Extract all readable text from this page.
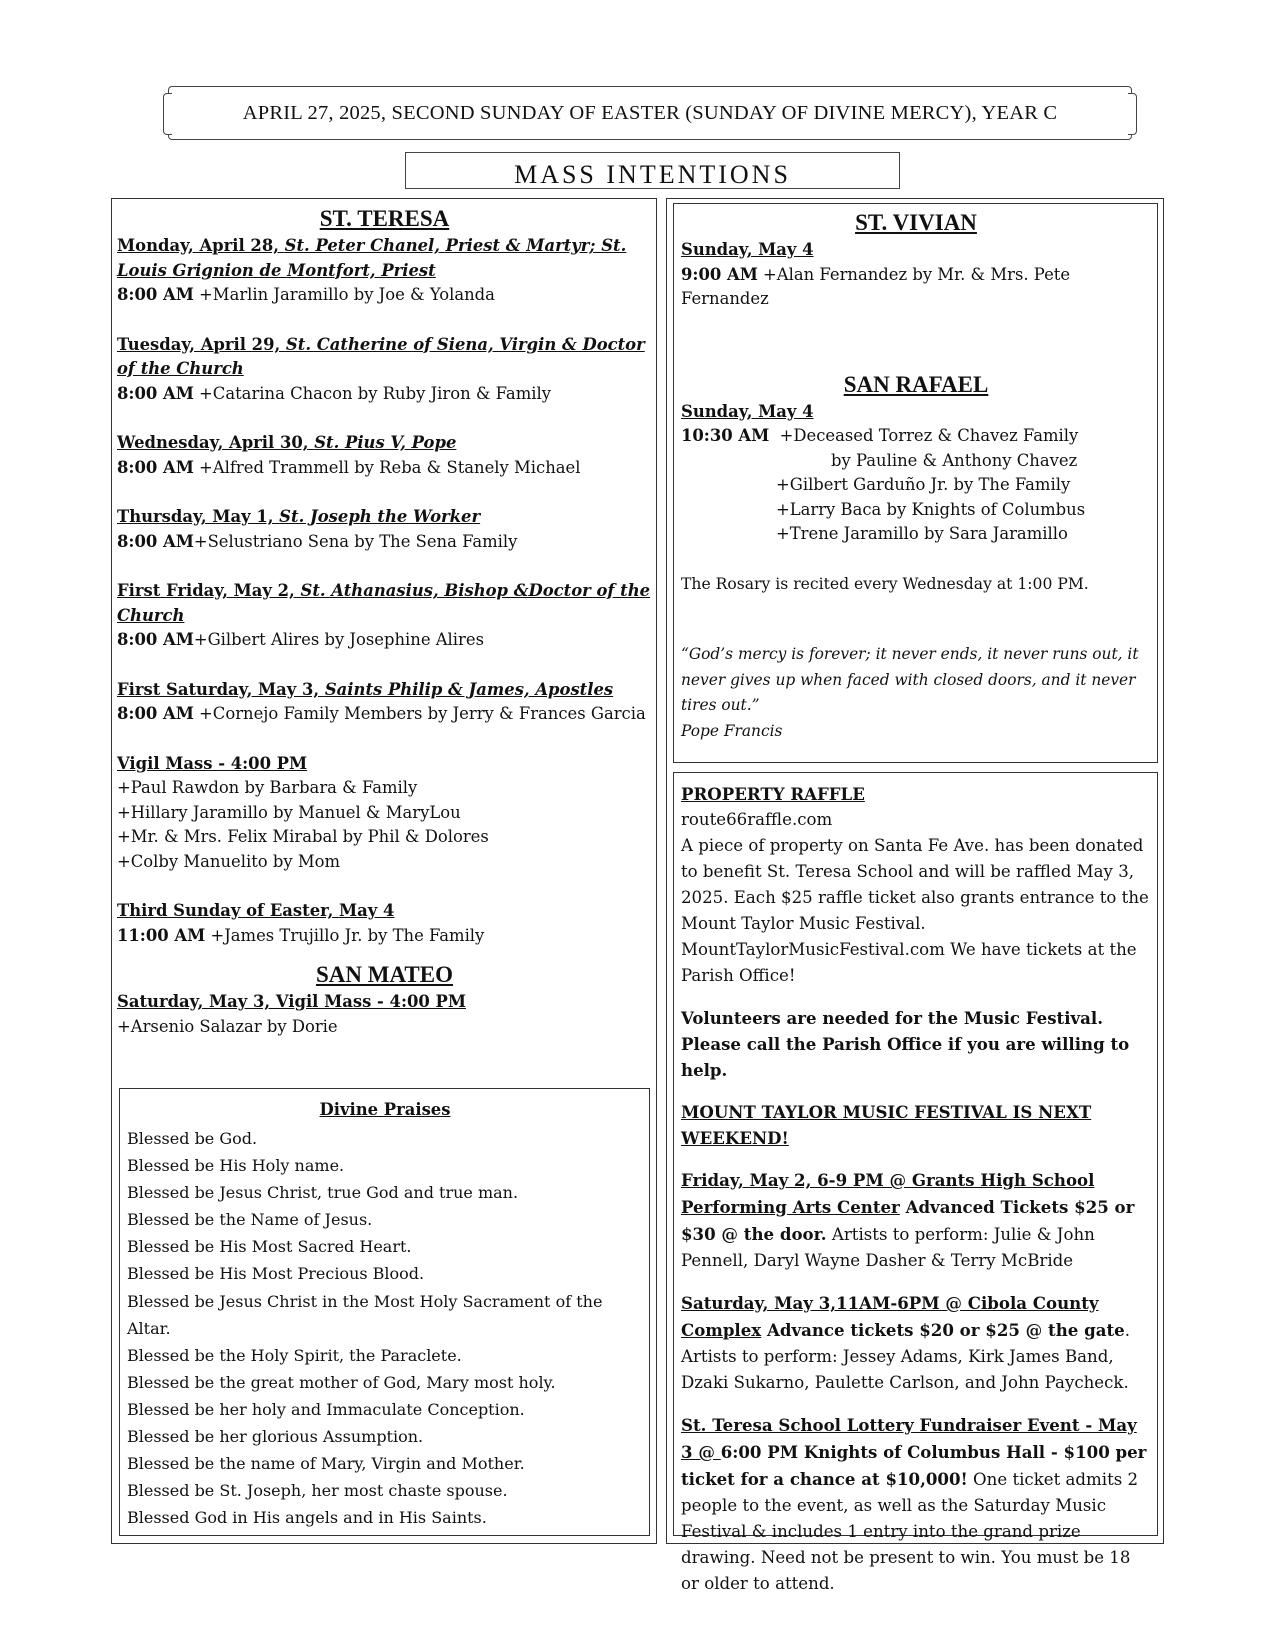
APRIL 27, 2025, SECOND SUNDAY OF EASTER (SUNDAY OF DIVINE MERCY), YEAR C
MASS INTENTIONS
ST. TERESA

Monday, April 28, St. Peter Chanel, Priest & Martyr; St. Louis Grignion de Montfort, Priest

8:00 AM +Marlin Jaramillo by Joe & Yolanda

Tuesday, April 29, St. Catherine of Siena, Virgin & Doctor of the Church

8:00 AM +Catarina Chacon by Ruby Jiron & Family

Wednesday, April 30, St. Pius V, Pope

8:00 AM +Alfred Trammell by Reba & Stanely Michael

Thursday, May 1, St. Joseph the Worker

8:00 AM+Selustriano Sena by The Sena Family

First Friday, May 2, St. Athanasius, Bishop &Doctor of the Church

8:00 AM+Gilbert Alires by Josephine Alires

First Saturday, May 3, Saints Philip & James, Apostles

8:00 AM +Cornejo Family Members by Jerry & Frances Garcia

Vigil Mass - 4:00 PM

+Paul Rawdon by Barbara & Family

+Hillary Jaramillo by Manuel & MaryLou

+Mr. & Mrs. Felix Mirabal by Phil & Dolores

+Colby Manuelito by Mom

Third Sunday of Easter, May 4

11:00 AM +James Trujillo Jr. by The Family

SAN MATEO

Saturday, May 3, Vigil Mass - 4:00 PM

+Arsenio Salazar by Dorie

Divine Praises
Blessed be God.
Blessed be His Holy name.
Blessed be Jesus Christ, true God and true man.
Blessed be the Name of Jesus.
Blessed be His Most Sacred Heart.
Blessed be His Most Precious Blood.
Blessed be Jesus Christ in the Most Holy Sacrament of the Altar.
Blessed be the Holy Spirit, the Paraclete.
Blessed be the great mother of God, Mary most holy.
Blessed be her holy and Immaculate Conception.
Blessed be her glorious Assumption.
Blessed be the name of Mary, Virgin and Mother.
Blessed be St. Joseph, her most chaste spouse.
Blessed God in His angels and in His Saints.
ST. VIVIAN

Sunday, May 4

9:00 AM +Alan Fernandez by Mr. & Mrs. Pete Fernandez

SAN RAFAEL

Sunday, May 4

10:30 AM  +Deceased Torrez & Chavez Family

by Pauline & Anthony Chavez

+Gilbert Garduño Jr. by The Family

+Larry Baca by Knights of Columbus

+Trene Jaramillo by Sara Jaramillo

The Rosary is recited every Wednesday at 1:00 PM.

“God’s mercy is forever; it never ends, it never runs out, it never gives up when faced with closed doors, and it never tires out.”

Pope Francis

PROPERTY RAFFLE

route66raffle.com

A piece of property on Santa Fe Ave. has been donated to benefit St. Teresa School and will be raffled May 3, 2025. Each $25 raffle ticket also grants entrance to the Mount Taylor Music Festival. MountTaylorMusicFestival.com We have tickets at the Parish Office!

Volunteers are needed for the Music Festival. Please call the Parish Office if you are willing to help.

MOUNT TAYLOR MUSIC FESTIVAL IS NEXT WEEKEND!

Friday, May 2, 6-9 PM @ Grants High School Performing Arts Center Advanced Tickets $25 or $30 @ the door. Artists to perform: Julie & John Pennell, Daryl Wayne Dasher & Terry McBride

Saturday, May 3,11AM-6PM @ Cibola County Complex Advance tickets $20 or $25 @ the gate. Artists to perform: Jessey Adams, Kirk James Band, Dzaki Sukarno, Paulette Carlson, and John Paycheck.

St. Teresa School Lottery Fundraiser Event - May 3 @ 6:00 PM Knights of Columbus Hall - $100 per ticket for a chance at $10,000! One ticket admits 2 people to the event, as well as the Saturday Music Festival & includes 1 entry into the grand prize drawing. Need not be present to win. You must be 18 or older to attend.
